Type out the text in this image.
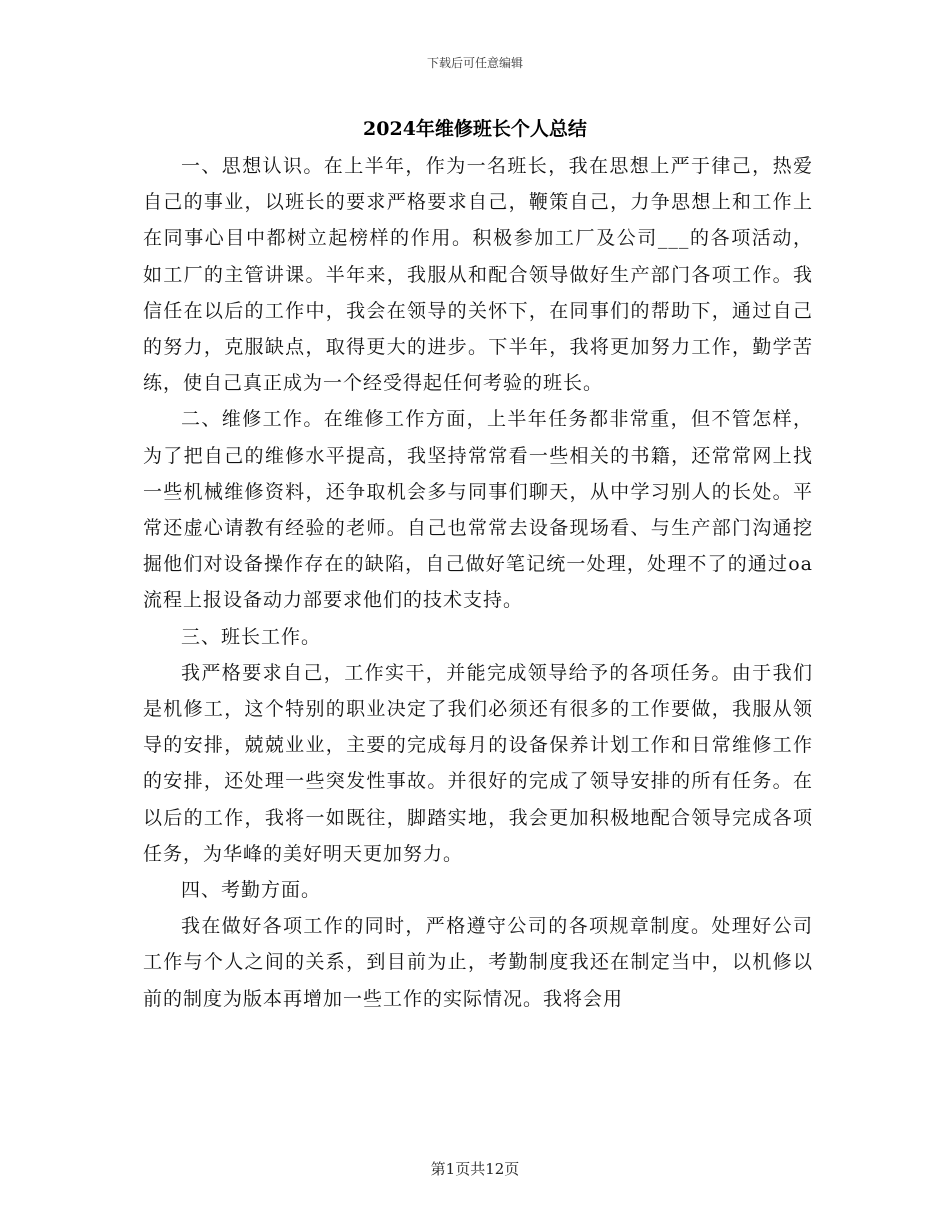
下载后可任意编辑
2024年维修班长个人总结

一、思想认识。在上半年，作为一名班长，我在思想上严于律己，热爱自己的事业，以班长的要求严格要求自己，鞭策自己，力争思想上和工作上在同事心目中都树立起榜样的作用。积极参加工厂及公司___的各项活动，如工厂的主管讲课。半年来，我服从和配合领导做好生产部门各项工作。我信任在以后的工作中，我会在领导的关怀下，在同事们的帮助下，通过自己的努力，克服缺点，取得更大的进步。下半年，我将更加努力工作，勤学苦练，使自己真正成为一个经受得起任何考验的班长。

二、维修工作。在维修工作方面，上半年任务都非常重，但不管怎样，为了把自己的维修水平提高，我坚持常常看一些相关的书籍，还常常网上找一些机械维修资料，还争取机会多与同事们聊天，从中学习别人的长处。平常还虚心请教有经验的老师。自己也常常去设备现场看、与生产部门沟通挖掘他们对设备操作存在的缺陷，自己做好笔记统一处理，处理不了的通过oa流程上报设备动力部要求他们的技术支持。

三、班长工作。

我严格要求自己，工作实干，并能完成领导给予的各项任务。由于我们是机修工，这个特别的职业决定了我们必须还有很多的工作要做，我服从领导的安排，兢兢业业，主要的完成每月的设备保养计划工作和日常维修工作的安排，还处理一些突发性事故。并很好的完成了领导安排的所有任务。在以后的工作，我将一如既往，脚踏实地，我会更加积极地配合领导完成各项任务，为华峰的美好明天更加努力。

四、考勤方面。

我在做好各项工作的同时，严格遵守公司的各项规章制度。处理好公司工作与个人之间的关系，到目前为止，考勤制度我还在制定当中，以机修以前的制度为版本再增加一些工作的实际情况。我将会用

第1页共12页
